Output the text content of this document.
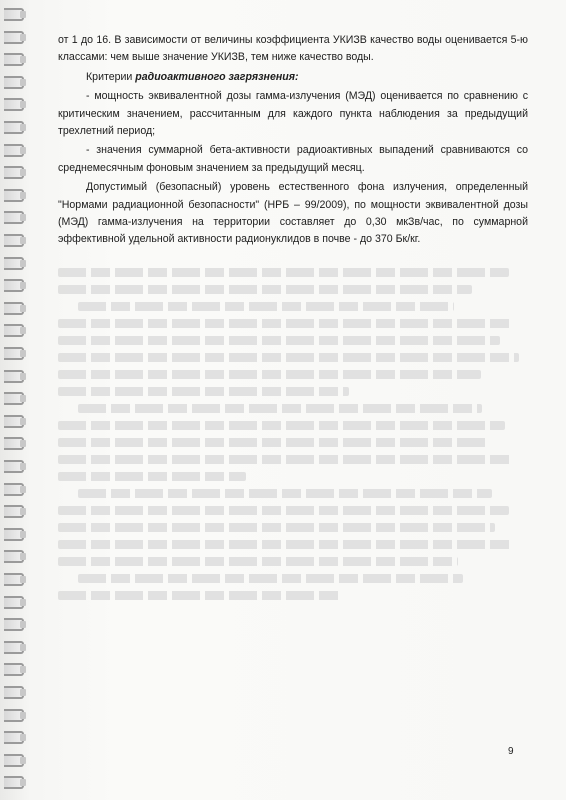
от 1 до 16. В зависимости от величины коэффициента УКИЗВ качество воды оценивается 5-ю классами: чем выше значение УКИЗВ, тем ниже качество воды.

Критерии радиоактивного загрязнения:

- мощность эквивалентной дозы гамма-излучения (МЭД) оценивается по сравнению с критическим значением, рассчитанным для каждого пункта наблюдения за предыдущий трехлетний период;

- значения суммарной бета-активности радиоактивных выпадений сравниваются со среднемесячным фоновым значением за предыдущий месяц.

Допустимый (безопасный) уровень естественного фона излучения, определенный "Нормами радиационной безопасности" (НРБ – 99/2009), по мощности эквивалентной дозы (МЭД) гамма-излучения на территории составляет до 0,30 мкЗв/час, по суммарной эффективной удельной активности радионуклидов в почве - до 370 Бк/кг.

9
